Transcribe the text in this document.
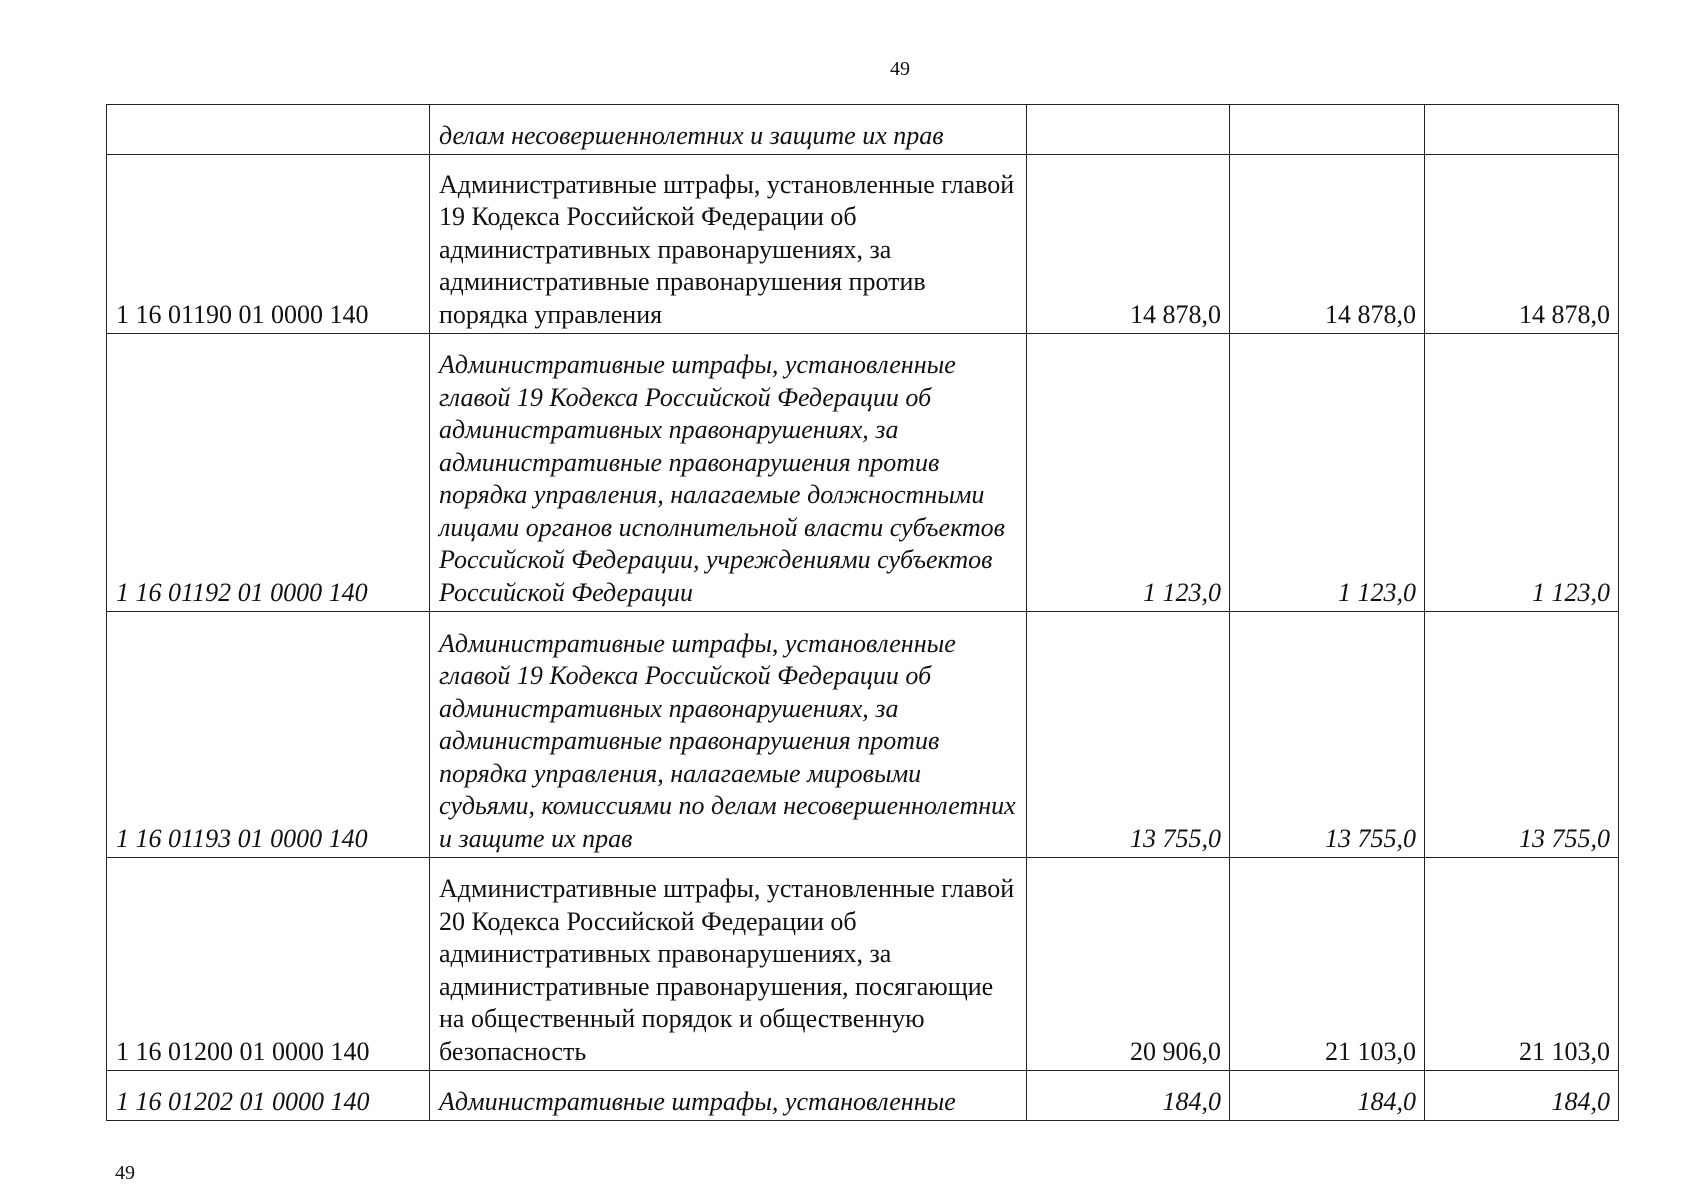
49
	делам несовершеннолетних и защите их прав			
1 16 01190 01 0000 140	Административные штрафы, установленные главой 19 Кодекса Российской Федерации об административных правонарушениях, за административные правонарушения против порядка управления	14 878,0	14 878,0	14 878,0
1 16 01192 01 0000 140	Административные штрафы, установленные главой 19 Кодекса Российской Федерации об административных правонарушениях, за административные правонарушения против порядка управления, налагаемые должностными лицами органов исполнительной власти субъектов Российской Федерации, учреждениями субъектов Российской Федерации	1 123,0	1 123,0	1 123,0
1 16 01193 01 0000 140	Административные штрафы, установленные главой 19 Кодекса Российской Федерации об административных правонарушениях, за административные правонарушения против порядка управления, налагаемые мировыми судьями, комиссиями по делам несовершеннолетних и защите их прав	13 755,0	13 755,0	13 755,0
1 16 01200 01 0000 140	Административные штрафы, установленные главой 20 Кодекса Российской Федерации об административных правонарушениях, за административные правонарушения, посягающие на общественный порядок и общественную безопасность	20 906,0	21 103,0	21 103,0
1 16 01202 01 0000 140	Административные штрафы, установленные	184,0	184,0	184,0
49
